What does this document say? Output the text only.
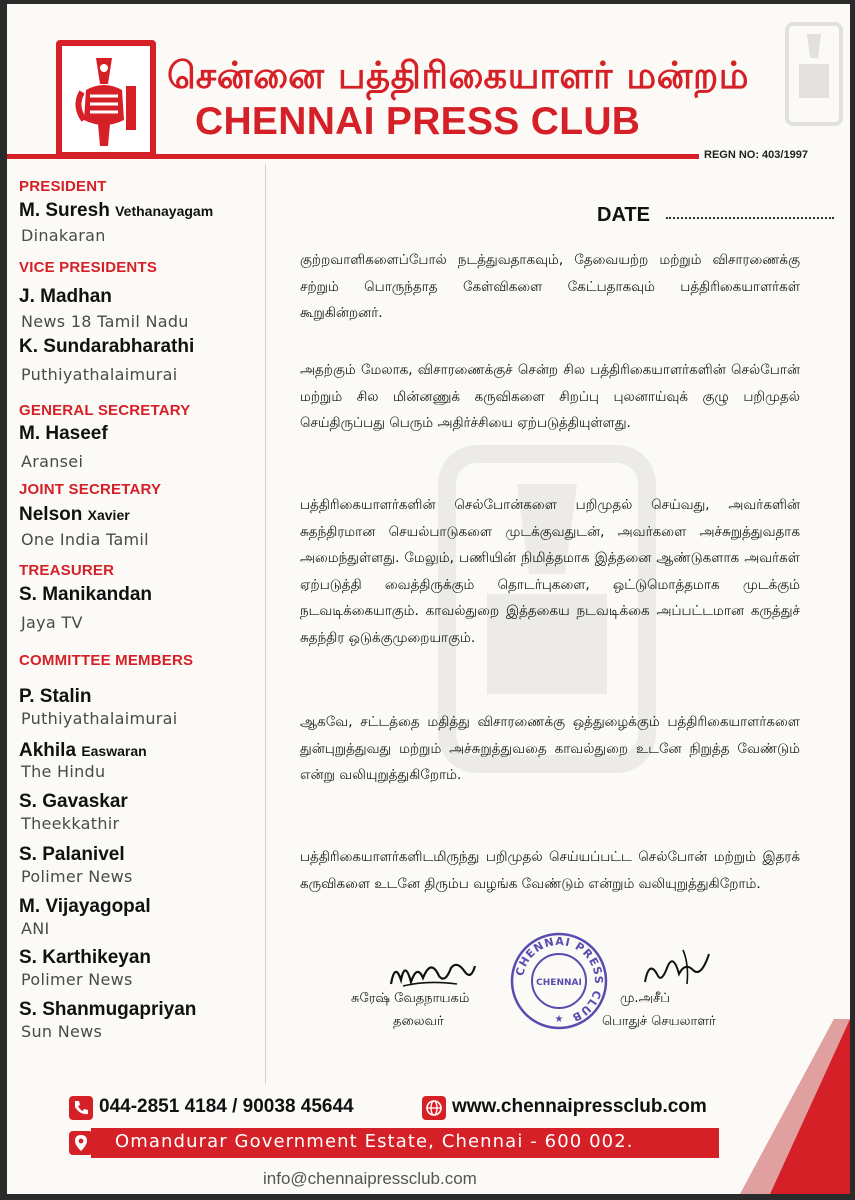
சென்னை பத்திரிகையாளர் மன்றம்
CHENNAI PRESS CLUB
REGN NO: 403/1997
PRESIDENT
M. Suresh Vethanayagam
Dinakaran
VICE PRESIDENTS
J. Madhan
News 18 Tamil Nadu
K. Sundarabharathi
Puthiyathalaimurai
GENERAL SECRETARY
M. Haseef
Aransei
JOINT SECRETARY
Nelson Xavier
One India Tamil
TREASURER
S. Manikandan
Jaya TV
COMMITTEE MEMBERS
P. Stalin
Puthiyathalaimurai
Akhila Easwaran
The Hindu
S. Gavaskar
Theekkathir
S. Palanivel
Polimer News
M. Vijayagopal
ANI
S. Karthikeyan
Polimer News
S. Shanmugapriyan
Sun News
DATE
குற்றவாளிகளைப்போல் நடத்துவதாகவும், தேவையற்ற மற்றும் விசாரணைக்கு சற்றும் பொருந்தாத கேள்விகளை கேட்பதாகவும் பத்திரிகையாளர்கள் கூறுகின்றனர்.
அதற்கும் மேலாக, விசாரணைக்குச் சென்ற சில பத்திரிகையாளர்களின் செல்போன் மற்றும் சில மின்னணுக் கருவிகளை சிறப்பு புலனாய்வுக் குழு பறிமுதல் செய்திருப்பது பெரும் அதிர்ச்சியை ஏற்படுத்தியுள்ளது.
பத்திரிகையாளர்களின் செல்போன்களை பறிமுதல் செய்வது, அவர்களின் சுதந்திரமான செயல்பாடுகளை முடக்குவதுடன், அவர்களை அச்சுறுத்துவதாக அமைந்துள்ளது. மேலும், பணியின் நிமித்தமாக இத்தனை ஆண்டுகளாக அவர்கள் ஏற்படுத்தி வைத்திருக்கும் தொடர்புகளை, ஒட்டுமொத்தமாக முடக்கும் நடவடிக்கையாகும். காவல்துறை இத்தகைய நடவடிக்கை அப்பட்டமான கருத்துச் சுதந்திர ஒடுக்குமுறையாகும்.
ஆகவே, சட்டத்தை மதித்து விசாரணைக்கு ஒத்துழைக்கும் பத்திரிகையாளர்களை துன்புறுத்துவது மற்றும் அச்சுறுத்துவதை காவல்துறை உடனே நிறுத்த வேண்டும் என்று வலியுறுத்துகிறோம்.
பத்திரிகையாளர்களிடமிருந்து பறிமுதல் செய்யப்பட்ட செல்போன் மற்றும் இதரக் கருவிகளை உடனே திரும்ப வழங்க வேண்டும் என்றும் வலியுறுத்துகிறோம்.
சுரேஷ் வேதநாயகம்
தலைவர்
CHENNAI PRESS CLUB
CHENNAI
★
மு.அசீப்
பொதுச் செயலாளர்
044-2851 4184 / 90038 45644	www.chennaipressclub.com
Omandurar Government Estate, Chennai - 600 002.
info@chennaipressclub.com
